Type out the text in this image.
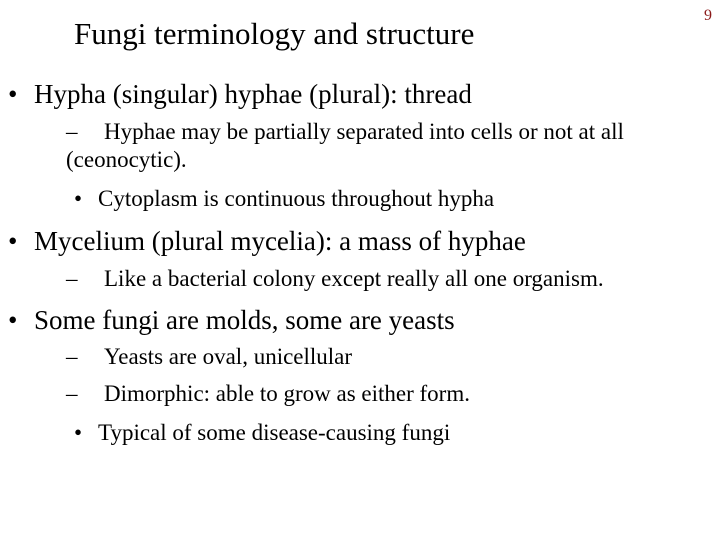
Fungi terminology and structure
9
• Hypha (singular) hyphae (plural): thread
– Hyphae may be partially separated into cells or not at all
(ceonocytic).
• Cytoplasm is continuous throughout hypha
• Mycelium (plural mycelia): a mass of hyphae
– Like a bacterial colony except really all one organism.
• Some fungi are molds, some are yeasts
– Yeasts are oval, unicellular
– Dimorphic: able to grow as either form.
• Typical of some disease-causing fungi
